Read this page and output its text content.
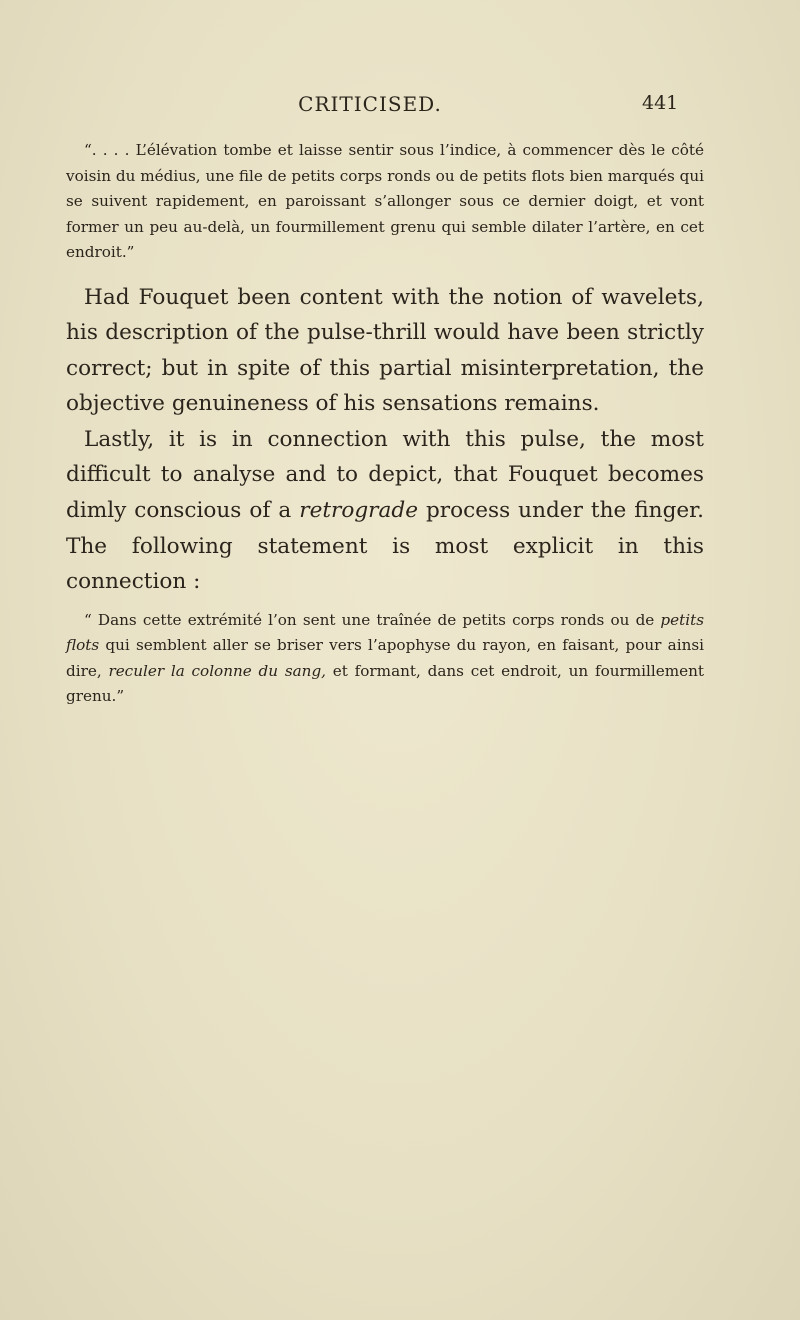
CRITICISED.	441

“. . . . L’élévation tombe et laisse sentir sous l’indice, à commencer dès le côté voisin du médius, une file de petits corps ronds ou de petits flots bien marqués qui se suivent rapidement, en paroissant s’allonger sous ce dernier doigt, et vont former un peu au-delà, un fourmillement grenu qui semble dilater l’artère, en cet endroit.”

Had Fouquet been content with the notion of wavelets, his description of the pulse-thrill would have been strictly correct; but in spite of this partial misinterpretation, the objective genuineness of his sensations remains.

Lastly, it is in connection with this pulse, the most difficult to analyse and to depict, that Fouquet becomes dimly conscious of a retrograde process under the finger. The following statement is most explicit in this connection :

“ Dans cette extrémité l’on sent une traînée de petits corps ronds ou de petits flots qui semblent aller se briser vers l’apophyse du rayon, en faisant, pour ainsi dire, reculer la colonne du sang, et formant, dans cet endroit, un fourmillement grenu.”
